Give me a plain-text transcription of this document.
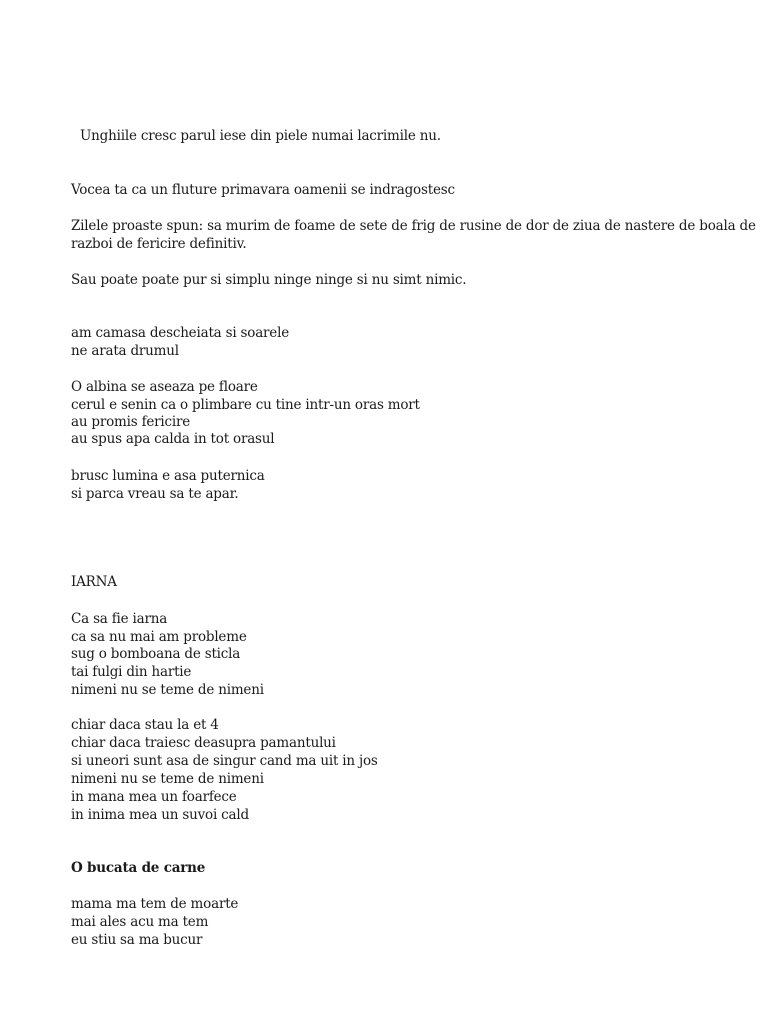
Unghiile cresc parul iese din piele numai lacrimile nu.
Vocea ta ca un fluture primavara oamenii se indragostesc
Zilele proaste spun: sa murim de foame de sete de frig de rusine de dor de ziua de nastere de boala de
razboi de fericire definitiv.
Sau poate poate pur si simplu ninge ninge si nu simt nimic.
am camasa descheiata si soarele
ne arata drumul
O albina se aseaza pe floare
cerul e senin ca o plimbare cu tine intr-un oras mort
au promis fericire
au spus apa calda in tot orasul
brusc lumina e asa puternica
si parca vreau sa te apar.
IARNA
Ca sa fie iarna
ca sa nu mai am probleme
sug o bomboana de sticla
tai fulgi din hartie
nimeni nu se teme de nimeni
chiar daca stau la et 4
chiar daca traiesc deasupra pamantului
si uneori sunt asa de singur cand ma uit in jos
nimeni nu se teme de nimeni
in mana mea un foarfece
in inima mea un suvoi cald
O bucata de carne
mama ma tem de moarte
mai ales acu ma tem
eu stiu sa ma bucur
